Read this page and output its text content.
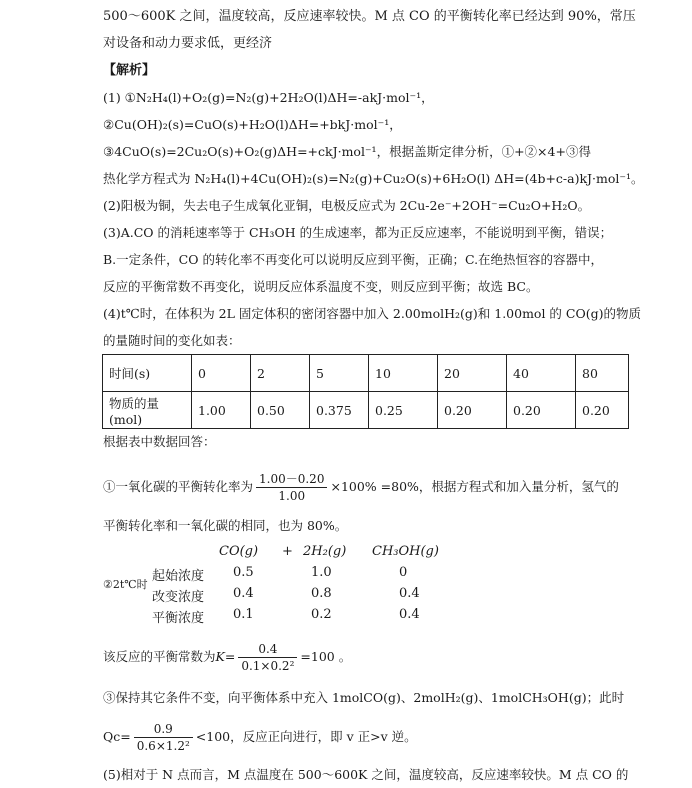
500～600K 之间，温度较高，反应速率较快。M 点 CO 的平衡转化率已经达到 90%，常压
对设备和动力要求低，更经济
【解析】
(1) ①N₂H₄(l)+O₂(g)=N₂(g)+2H₂O(l)ΔH=-akJ·mol⁻¹，
②Cu(OH)₂(s)=CuO(s)+H₂O(l)ΔH=+bkJ·mol⁻¹，
③4CuO(s)=2Cu₂O(s)+O₂(g)ΔH=+ckJ·mol⁻¹，根据盖斯定律分析，①+②×4+③得
热化学方程式为 N₂H₄(l)+4Cu(OH)₂(s)=N₂(g)+Cu₂O(s)+6H₂O(l) ΔH=(4b+c-a)kJ·mol⁻¹。
(2)阳极为铜，失去电子生成氧化亚铜，电极反应式为 2Cu-2e⁻+2OH⁻=Cu₂O+H₂O。
(3)A.CO 的消耗速率等于 CH₃OH 的生成速率，都为正反应速率，不能说明到平衡，错误；
B.一定条件，CO 的转化率不再变化可以说明反应到平衡，正确；C.在绝热恒容的容器中，
反应的平衡常数不再变化，说明反应体系温度不变，则反应到平衡；故选 BC。
(4)t℃时，在体积为 2L 固定体积的密闭容器中加入 2.00molH₂(g)和 1.00mol 的 CO(g)的物质
的量随时间的变化如表：
时间(s)	0	2	5	10	20	40	80
物质的量(mol)	1.00	0.50	0.375	0.25	0.20	0.20	0.20
根据表中数据回答：
①一氧化碳的平衡转化率为 $\frac{1.00-0.20}{1.00} \times 100\% =80\%$，根据方程式和加入量分析，氢气的
平衡转化率和一氧化碳的相同，也为 80%。
CO(g) + 2H₂(g) CH₃OH(g)
②2t℃时
起始浓度 0.5	1.0	0
改变浓度 0.4	0.8	0.4
平衡浓度 0.1	0.2	0.4
该反应的平衡常数为$K= \frac{0.4}{\text{0.1×0.2²}} =100$ 。
③保持其它条件不变，向平衡体系中充入 1molCO(g)、2molH₂(g)、1molCH₃OH(g)；此时
$Qc= \frac{0.9}{\text{0.6×1.2²}} <100$，反应正向进行，即 v 正>v 逆。
(5)相对于 N 点而言，M 点温度在 500～600K 之间，温度较高，反应速率较快。M 点 CO 的
